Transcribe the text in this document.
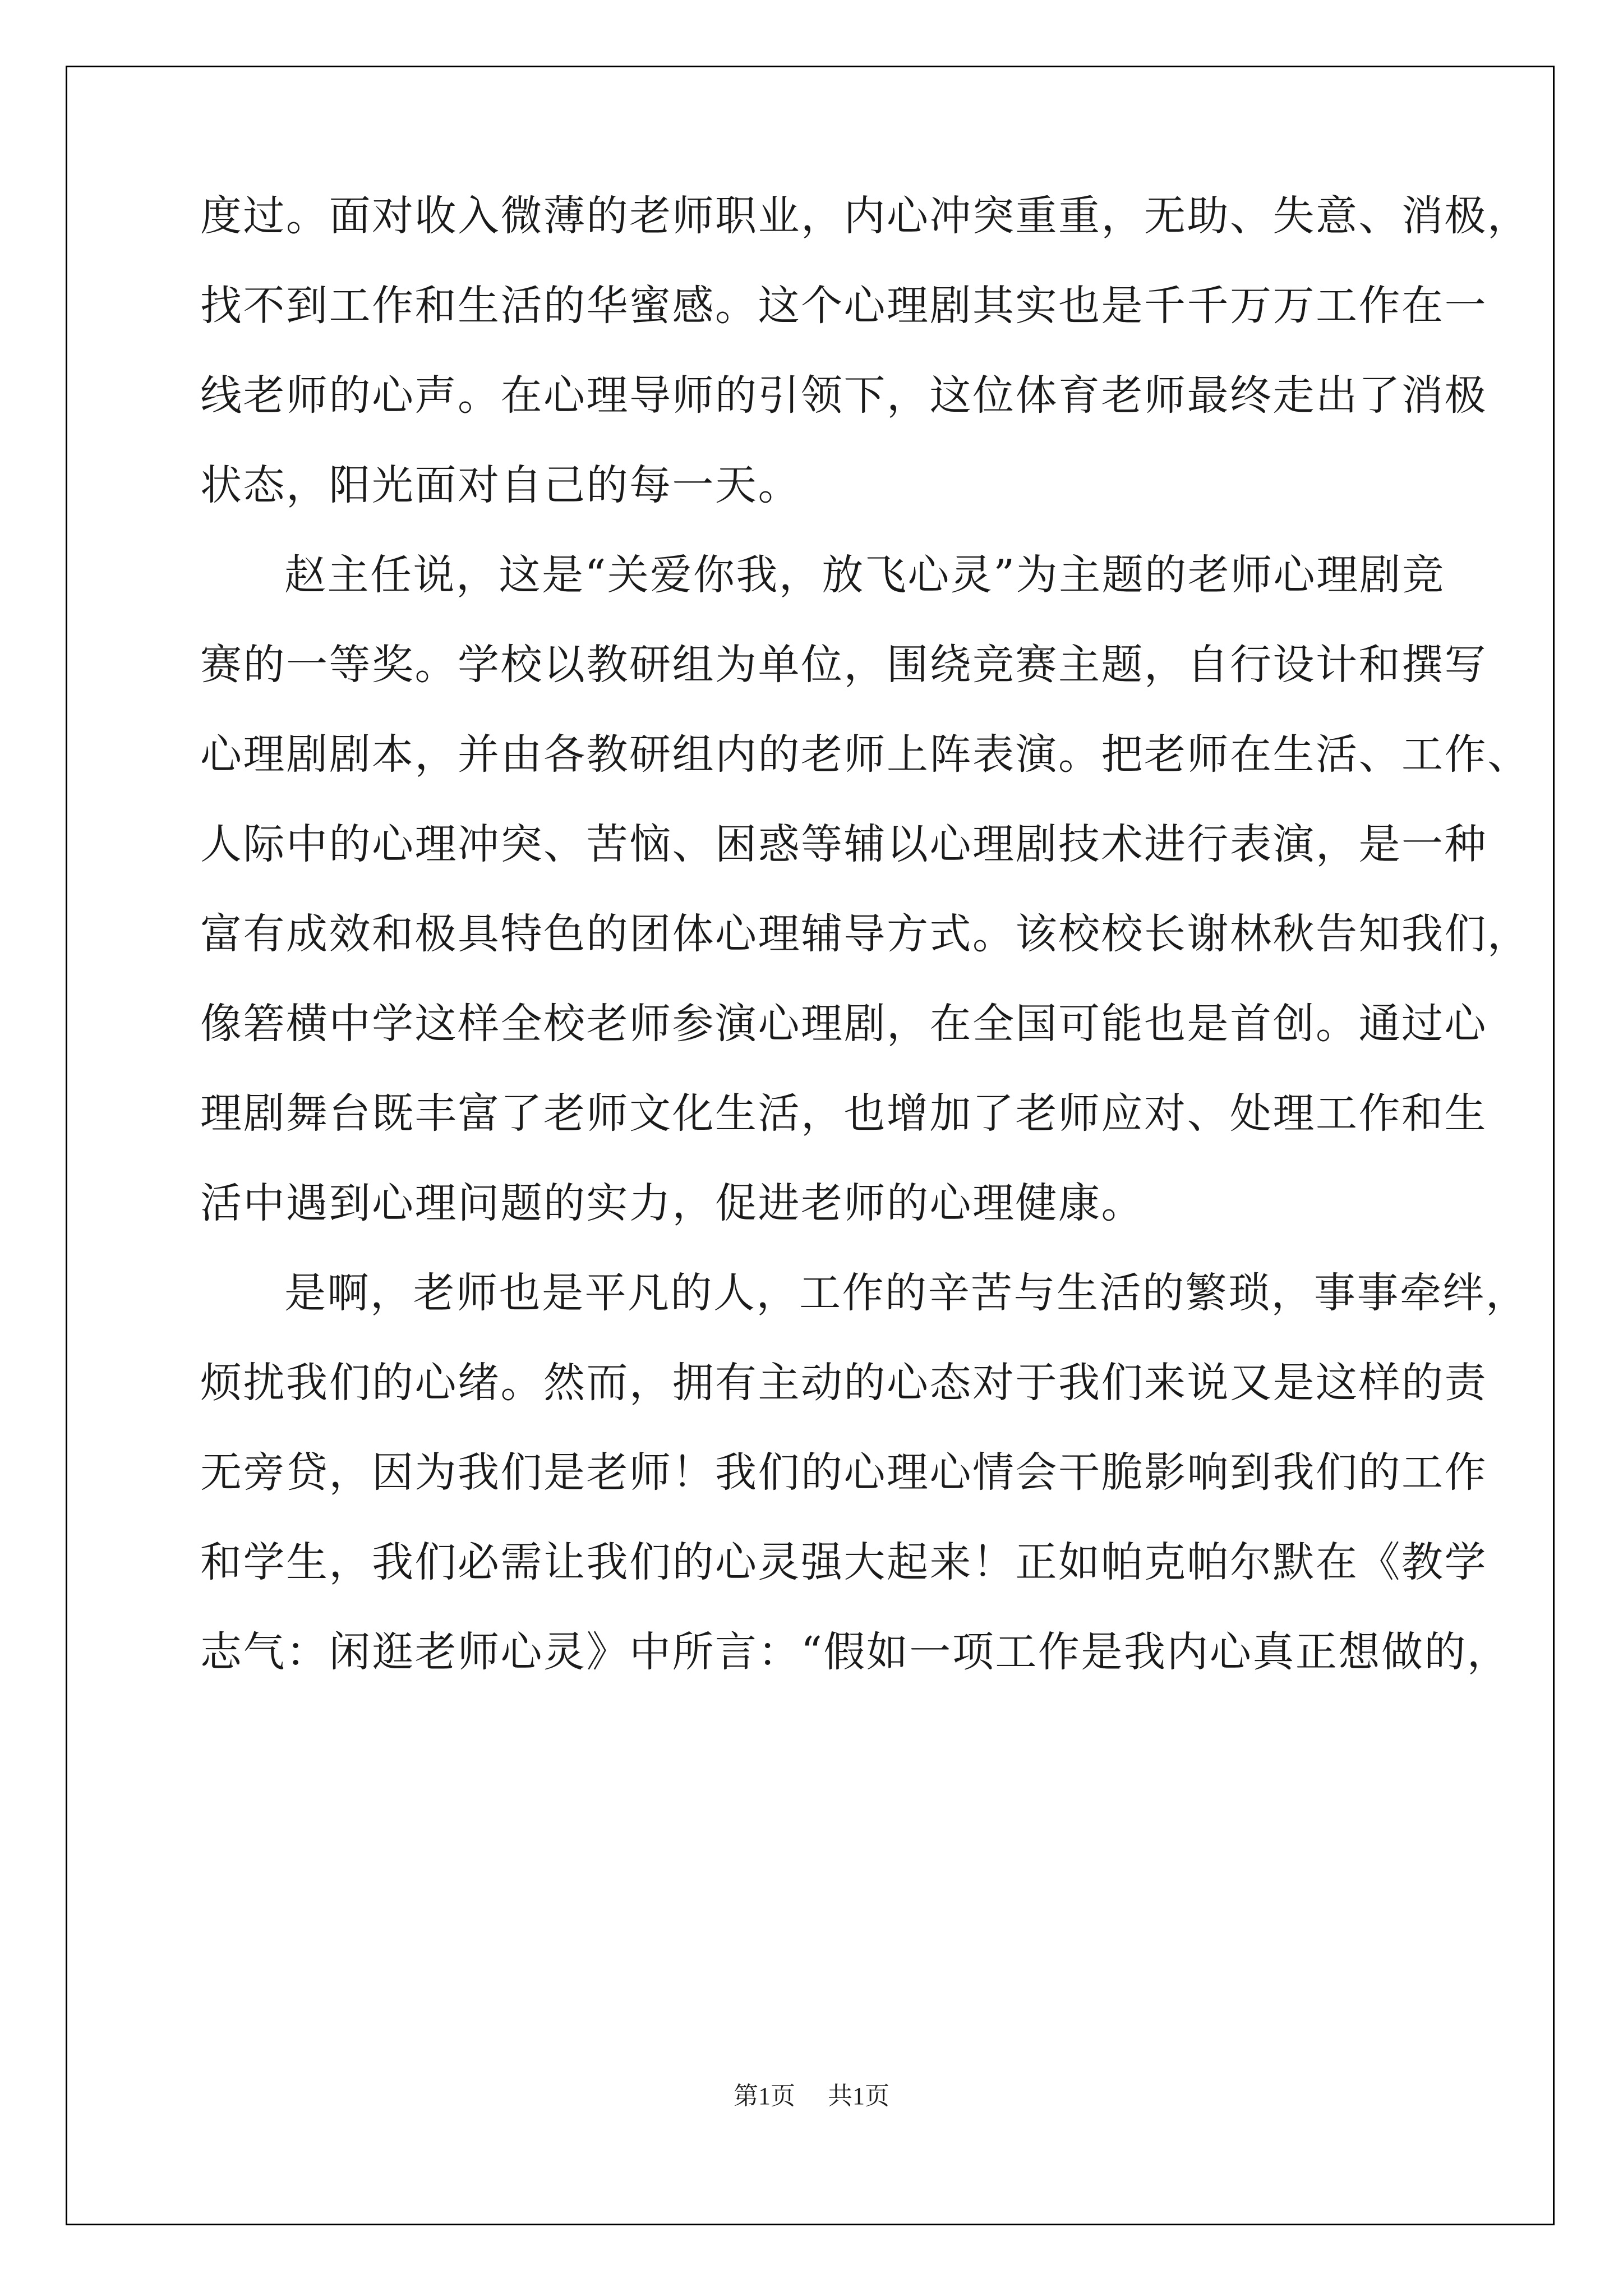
度过。面对收入微薄的老师职业，内心冲突重重，无助、失意、消极，
找不到工作和生活的华蜜感。这个心理剧其实也是千千万万工作在一
线老师的心声。在心理导师的引领下，这位体育老师最终走出了消极
状态，阳光面对自己的每一天。
赵主任说，这是“关爱你我，放飞心灵”为主题的老师心理剧竞
赛的一等奖。学校以教研组为单位，围绕竞赛主题，自行设计和撰写
心理剧剧本，并由各教研组内的老师上阵表演。把老师在生活、工作、
人际中的心理冲突、苦恼、困惑等辅以心理剧技术进行表演，是一种
富有成效和极具特色的团体心理辅导方式。该校校长谢林秋告知我们，
像箬横中学这样全校老师参演心理剧，在全国可能也是首创。通过心
理剧舞台既丰富了老师文化生活，也增加了老师应对、处理工作和生
活中遇到心理问题的实力，促进老师的心理健康。
是啊，老师也是平凡的人，工作的辛苦与生活的繁琐，事事牵绊，
烦扰我们的心绪。然而，拥有主动的心态对于我们来说又是这样的责
无旁贷，因为我们是老师！我们的心理心情会干脆影响到我们的工作
和学生，我们必需让我们的心灵强大起来！正如帕克帕尔默在《教学
志气：闲逛老师心灵》中所言：“假如一项工作是我内心真正想做的，
第1页 共1页
